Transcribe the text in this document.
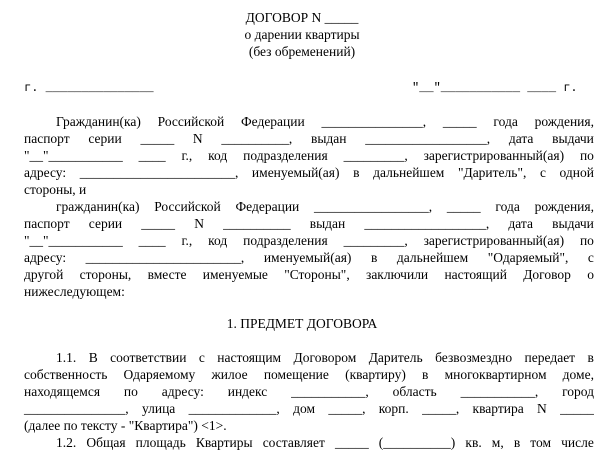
ДОГОВОР N _____
о дарении квартиры
(без обременений)
г. _______________	"__"___________ ____ г.
Гражданин(ка) Российской Федерации _______________, _____ года рождения,
паспорт серии _____ N __________, выдан __________________, дата выдачи
"__"___________ ____ г., код подразделения _________, зарегистрированный(ая) по
адресу: _______________________, именуемый(ая) в дальнейшем "Даритель", с одной
стороны, и
гражданин(ка) Российской Федерации _________________, _____ года рождения,
паспорт серии _____ N __________ выдан __________________, дата выдачи
"__"___________ ____ г., код подразделения _________, зарегистрированный(ая) по
адресу: _______________________, именуемый(ая) в дальнейшем "Одаряемый", с
другой стороны, вместе именуемые "Стороны", заключили настоящий Договор о
нижеследующем:
1. ПРЕДМЕТ ДОГОВОРА
1.1. В соответствии с настоящим Договором Даритель безвозмездно передает в
собственность Одаряемому жилое помещение (квартиру) в многоквартирном доме,
находящемся по адресу: индекс ___________, область ___________, город
_______________, улица _____________, дом _____, корп. _____, квартира N _____
(далее по тексту - "Квартира") <1>.
1.2. Общая площадь Квартиры составляет _____ (__________) кв. м, в том числе
